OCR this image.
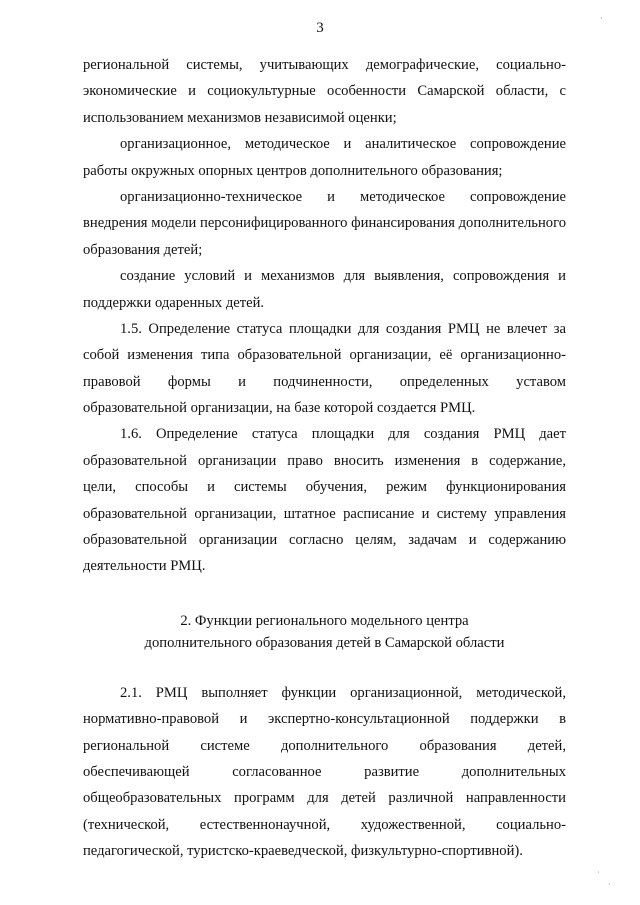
3
региональной системы, учитывающих демографические, социально-
экономические и социокультурные особенности Самарской области, с
использованием механизмов независимой оценки;
организационное, методическое и аналитическое сопровождение
работы окружных опорных центров дополнительного образования;
организационно-техническое и методическое сопровождение
внедрения модели персонифицированного финансирования дополнительного
образования детей;
создание условий и механизмов для выявления, сопровождения и
поддержки одаренных детей.
1.5. Определение статуса площадки для создания РМЦ не влечет за
собой изменения типа образовательной организации, её организационно-
правовой формы и подчиненности, определенных уставом
образовательной организации, на базе которой создается РМЦ.
1.6. Определение статуса площадки для создания РМЦ дает
образовательной организации право вносить изменения в содержание,
цели, способы и системы обучения, режим функционирования
образовательной организации, штатное расписание и систему управления
образовательной организации согласно целям, задачам и содержанию
деятельности РМЦ.
2. Функции регионального модельного центра
дополнительного образования детей в Самарской области
2.1. РМЦ выполняет функции организационной, методической,
нормативно-правовой и экспертно-консультационной поддержки в
региональной системе дополнительного образования детей,
обеспечивающей согласованное развитие дополнительных
общеобразовательных программ для детей различной направленности
(технической, естественнонаучной, художественной, социально-
педагогической, туристско-краеведческой, физкультурно-спортивной).
·
·
·
